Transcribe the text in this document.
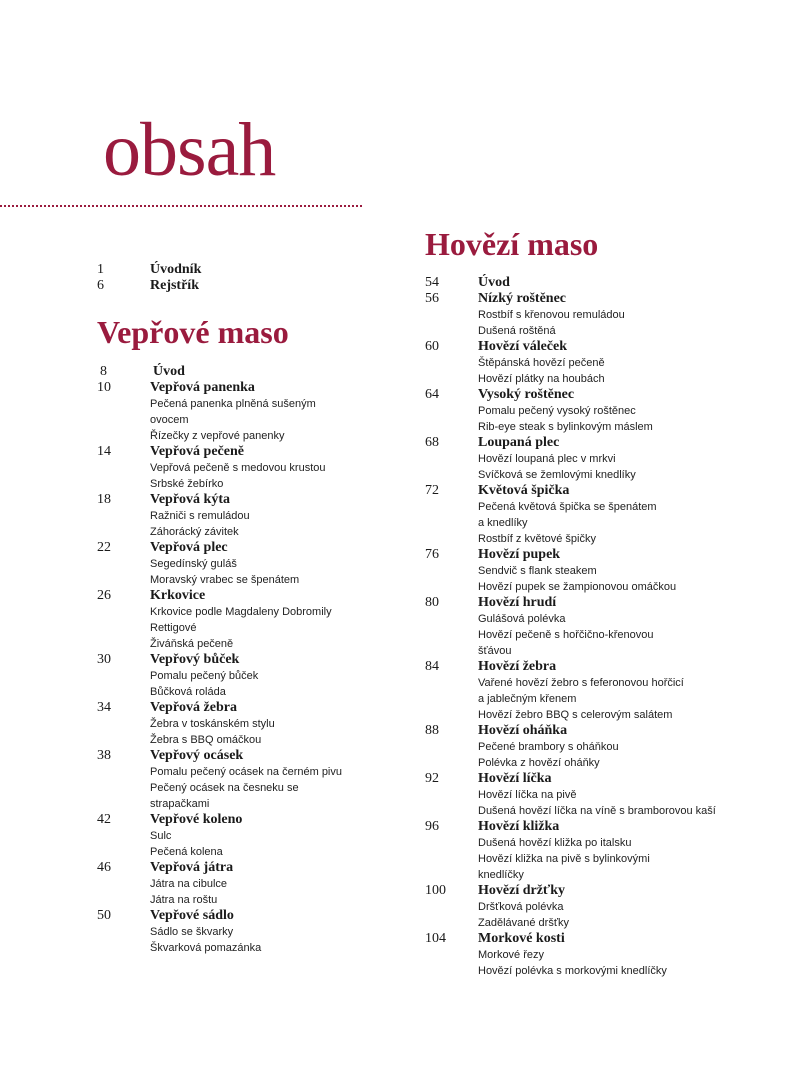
obsah
1	Úvodník
6	Rejstřík
Vepřové maso
8	Úvod
10	Vepřová panenka
Pečená panenka plněná sušeným
ovocem
Řízečky z vepřové panenky
14	Vepřová pečeně
Vepřová pečeně s medovou krustou
Srbské žebírko
18	Vepřová kýta
Ražniči s remuládou
Záhorácký závitek
22	Vepřová plec
Segedínský guláš
Moravský vrabec se špenátem
26	Krkovice
Krkovice podle Magdaleny Dobromily
Rettigové
Živáňská pečeně
30	Vepřový bůček
Pomalu pečený bůček
Bůčková roláda
34	Vepřová žebra
Žebra v toskánském stylu
Žebra s BBQ omáčkou
38	Vepřový ocásek
Pomalu pečený ocásek na černém pivu
Pečený ocásek na česneku se
strapačkami
42	Vepřové koleno
Sulc
Pečená kolena
46	Vepřová játra
Játra na cibulce
Játra na roštu
50	Vepřové sádlo
Sádlo se škvarky
Škvarková pomazánka
Hovězí maso
54	Úvod
56	Nízký roštěnec
Rostbíf s křenovou remuládou
Dušená roštěná
60	Hovězí váleček
Štěpánská hovězí pečeně
Hovězí plátky na houbách
64	Vysoký roštěnec
Pomalu pečený vysoký roštěnec
Rib-eye steak s bylinkovým máslem
68	Loupaná plec
Hovězí loupaná plec v mrkvi
Svíčková se žemlovými knedlíky
72	Květová špička
Pečená květová špička se špenátem
a knedlíky
Rostbíf z květové špičky
76	Hovězí pupek
Sendvič s flank steakem
Hovězí pupek se žampionovou omáčkou
80	Hovězí hrudí
Gulášová polévka
Hovězí pečeně s hořčično-křenovou
šťávou
84	Hovězí žebra
Vařené hovězí žebro s feferonovou hořčicí
a jablečným křenem
Hovězí žebro BBQ s celerovým salátem
88	Hovězí oháňka
Pečené brambory s oháňkou
Polévka z hovězí oháňky
92	Hovězí líčka
Hovězí líčka na pivě
Dušená hovězí líčka na víně s bramborovou kaší
96	Hovězí kližka
Dušená hovězí kližka po italsku
Hovězí kližka na pivě s bylinkovými
knedlíčky
100	Hovězí držťky
Dršťková polévka
Zadělávané dršťky
104	Morkové kosti
Morkové řezy
Hovězí polévka s morkovými knedlíčky
